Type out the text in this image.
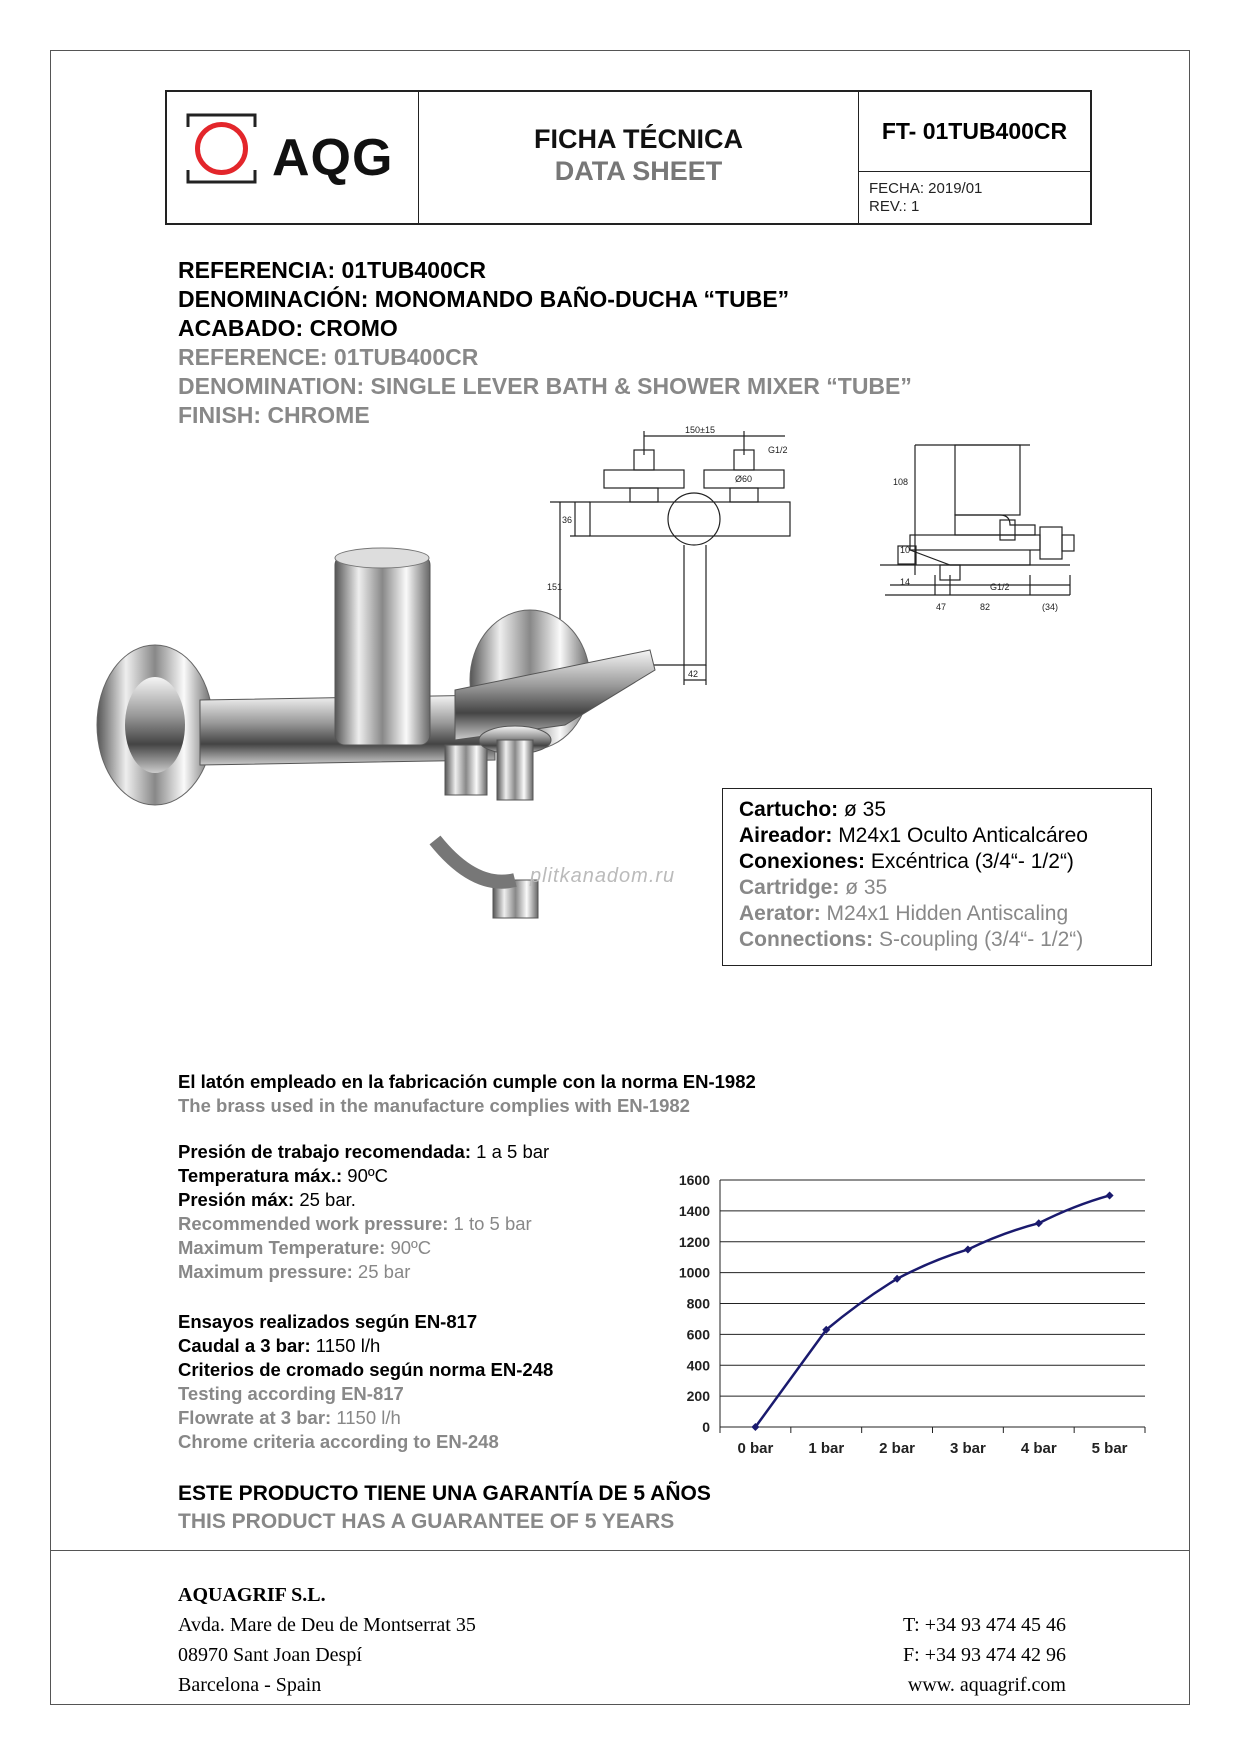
AQG	FICHA TÉCNICA
DATA SHEET
FT- 01TUB400CR
FECHA: 2019/01
REV.: 1
REFERENCIA: 01TUB400CR
DENOMINACIÓN: MONOMANDO BAÑO-DUCHA “TUBE”
ACABADO: CROMO
REFERENCE: 01TUB400CR
DENOMINATION: SINGLE LEVER BATH & SHOWER MIXER “TUBE”
FINISH: CHROME
150±15
G1/2
Ø60
36
151
42
108
10
14
47	82	(34)
G1/2
Cartucho: ø 35
Aireador: M24x1 Oculto Anticalcáreo
Conexiones: Excéntrica (3/4“- 1/2“)
Cartridge: ø 35
Aerator: M24x1 Hidden Antiscaling
Connections: S-coupling (3/4“- 1/2“)
plitkanadom.ru
El latón empleado en la fabricación cumple con la norma EN-1982
The brass used in the manufacture complies with EN-1982
Presión de trabajo recomendada: 1 a 5 bar
Temperatura máx.: 90ºC
Presión máx: 25 bar.
Recommended work pressure: 1 to 5 bar
Maximum Temperature: 90ºC
Maximum pressure: 25 bar
Ensayos realizados según EN-817
Caudal a 3 bar: 1150 l/h
Criterios de cromado según norma EN-248
Testing according EN-817
Flowrate at 3 bar: 1150 l/h
Chrome criteria according to EN-248
0
200
400
600
800
1000
1200
1400
1600
0 bar 1 bar 2 bar 3 bar 4 bar 5 bar
ESTE PRODUCTO TIENE UNA GARANTÍA DE 5 AÑOS
THIS PRODUCT HAS A GUARANTEE OF 5 YEARS
AQUAGRIF S.L.
Avda. Mare de Deu de Montserrat 35
08970 Sant Joan Despí
Barcelona - Spain
T: +34 93 474 45 46
F: +34 93 474 42 96
www. aquagrif.com
